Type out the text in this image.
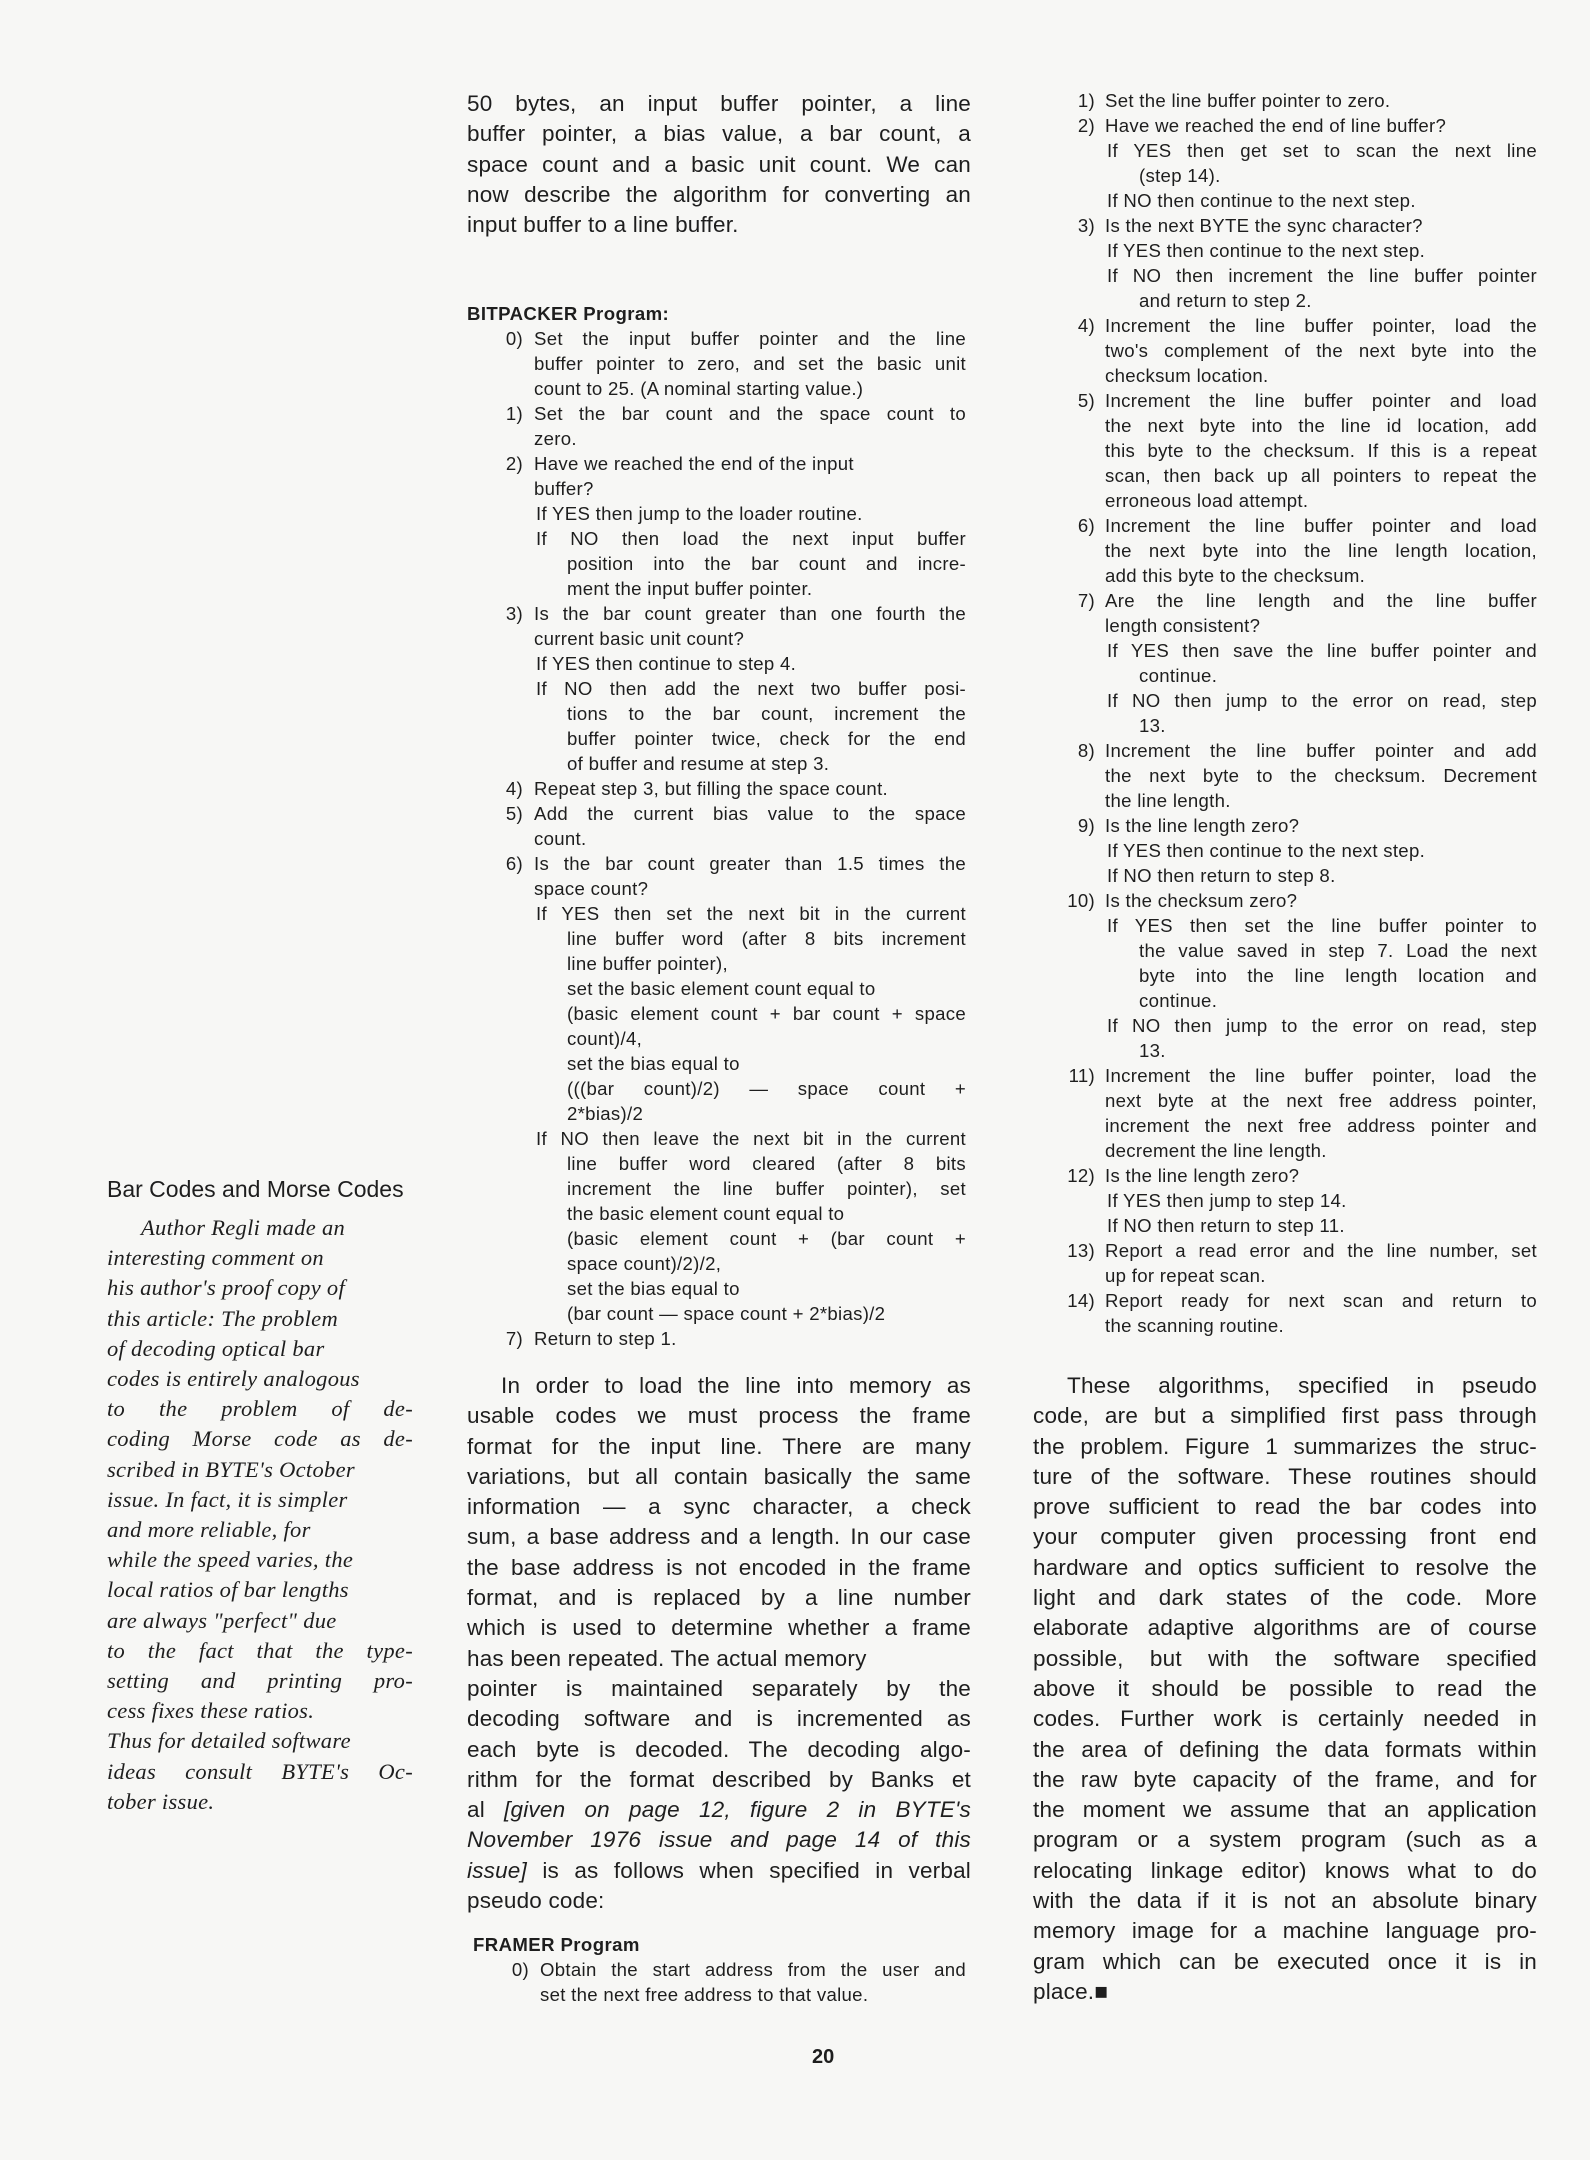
Bar Codes and Morse Codes
Author Regli made an
interesting comment on
his author's proof copy of
this article: The problem
of decoding optical bar
codes is entirely analogous
to the problem of de-
coding Morse code as de-
scribed in BYTE's October
issue. In fact, it is simpler
and more reliable, for
while the speed varies, the
local ratios of bar lengths
are always "perfect" due
to the fact that the type-
setting and printing pro-
cess fixes these ratios.
Thus for detailed software
ideas consult BYTE's Oc-
tober issue.
50 bytes, an input buffer pointer, a line
buffer pointer, a bias value, a bar count, a
space count and a basic unit count. We can
now describe the algorithm for converting an
input buffer to a line buffer.
BITPACKER Program:
0) Set the input buffer pointer and the line
buffer pointer to zero, and set the basic unit
count to 25. (A nominal starting value.)
1) Set the bar count and the space count to
zero.
2) Have we reached the end of the input
buffer?
If YES then jump to the loader routine.
If NO then load the next input buffer
position into the bar count and incre-
ment the input buffer pointer.
3) Is the bar count greater than one fourth the
current basic unit count?
If YES then continue to step 4.
If NO then add the next two buffer posi-
tions to the bar count, increment the
buffer pointer twice, check for the end
of buffer and resume at step 3.
4) Repeat step 3, but filling the space count.
5) Add the current bias value to the space
count.
6) Is the bar count greater than 1.5 times the
space count?
If YES then set the next bit in the current
line buffer word (after 8 bits increment
line buffer pointer),
set the basic element count equal to
(basic element count + bar count + space
count)/4,
set the bias equal to
(((bar count)/2) — space count +
2*bias)/2
If NO then leave the next bit in the current
line buffer word cleared (after 8 bits
increment the line buffer pointer), set
the basic element count equal to
(basic element count + (bar count +
space count)/2)/2,
set the bias equal to
(bar count — space count + 2*bias)/2
7) Return to step 1.
In order to load the line into memory as
usable codes we must process the frame
format for the input line. There are many
variations, but all contain basically the same
information — a sync character, a check
sum, a base address and a length. In our case
the base address is not encoded in the frame
format, and is replaced by a line number
which is used to determine whether a frame
has been repeated. The actual memory
pointer is maintained separately by the
decoding software and is incremented as
each byte is decoded. The decoding algo-
rithm for the format described by Banks et
al [given on page 12, figure 2 in BYTE's
November 1976 issue and page 14 of this
issue] is as follows when specified in verbal
pseudo code:
FRAMER Program
0) Obtain the start address from the user and
set the next free address to that value.
1) Set the line buffer pointer to zero.
2) Have we reached the end of line buffer?
If YES then get set to scan the next line
(step 14).
If NO then continue to the next step.
3) Is the next BYTE the sync character?
If YES then continue to the next step.
If NO then increment the line buffer pointer
and return to step 2.
4) Increment the line buffer pointer, load the
two's complement of the next byte into the
checksum location.
5) Increment the line buffer pointer and load
the next byte into the line id location, add
this byte to the checksum. If this is a repeat
scan, then back up all pointers to repeat the
erroneous load attempt.
6) Increment the line buffer pointer and load
the next byte into the line length location,
add this byte to the checksum.
7) Are the line length and the line buffer
length consistent?
If YES then save the line buffer pointer and
continue.
If NO then jump to the error on read, step
13.
8) Increment the line buffer pointer and add
the next byte to the checksum. Decrement
the line length.
9) Is the line length zero?
If YES then continue to the next step.
If NO then return to step 8.
10) Is the checksum zero?
If YES then set the line buffer pointer to
the value saved in step 7. Load the next
byte into the line length location and
continue.
If NO then jump to the error on read, step
13.
11) Increment the line buffer pointer, load the
next byte at the next free address pointer,
increment the next free address pointer and
decrement the line length.
12) Is the line length zero?
If YES then jump to step 14.
If NO then return to step 11.
13) Report a read error and the line number, set
up for repeat scan.
14) Report ready for next scan and return to
the scanning routine.
These algorithms, specified in pseudo
code, are but a simplified first pass through
the problem. Figure 1 summarizes the struc-
ture of the software. These routines should
prove sufficient to read the bar codes into
your computer given processing front end
hardware and optics sufficient to resolve the
light and dark states of the code. More
elaborate adaptive algorithms are of course
possible, but with the software specified
above it should be possible to read the
codes. Further work is certainly needed in
the area of defining the data formats within
the raw byte capacity of the frame, and for
the moment we assume that an application
program or a system program (such as a
relocating linkage editor) knows what to do
with the data if it is not an absolute binary
memory image for a machine language pro-
gram which can be executed once it is in
place.■
20
